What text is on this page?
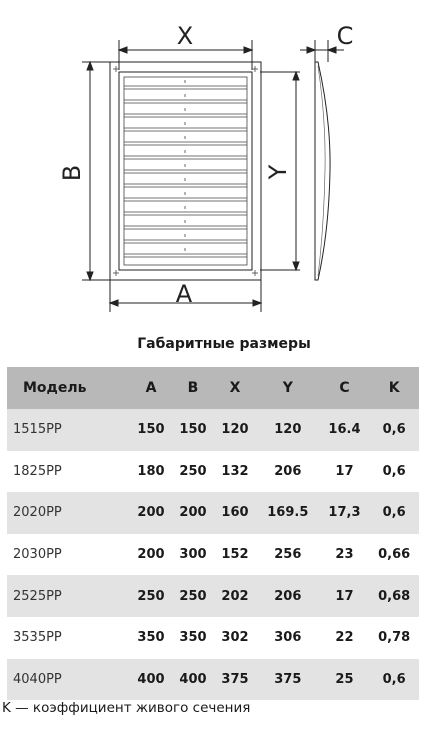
X	C
B	Y
A
Габаритные размеры
Модель	A	B	X	Y	C	K
1515PP	150	150	120	120	16.4	0,6
1825PP	180	250	132	206	17	0,6
2020PP	200	200	160	169.5	17,3	0,6
2030PP	200	300	152	256	23	0,66
2525PP	250	250	202	206	17	0,68
3535PP	350	350	302	306	22	0,78
4040PP	400	400	375	375	25	0,6
K — коэффициент живого сечения
